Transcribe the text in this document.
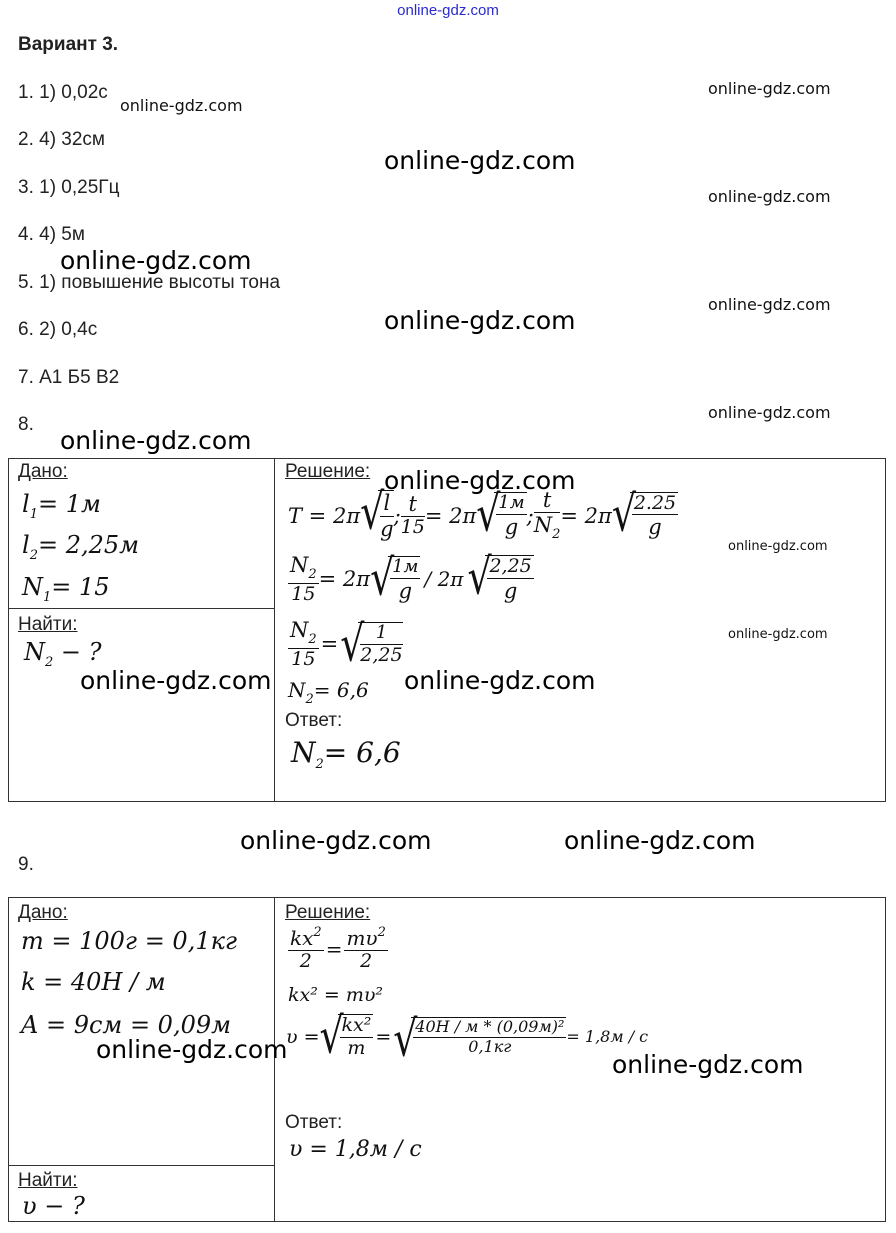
online-gdz.com
Вариант 3.
1. 1) 0,02с
2. 4) 32см
3. 1) 0,25Гц
4. 4) 5м
5. 1) повышение высоты тона
6. 2) 0,4с
7. А1 Б5 В2
8.
Дано:
$l_1= 1м$
$l_2= 2,25м$
$N_1= 15$
Найти:
$N_2$ − ?
Решение:
T = 2π √ $\frac{l}{g}$ ; $\frac{t}{15} = 2\pi$ √ $\frac{1м}{g}$ ; $\frac{t}{N_2} = 2\pi$ √ $\frac{2.25}{g}$
$\frac{N_2}{15} = 2\pi$ √ $\frac{1м}{g} / 2\pi$ √ $\frac{2,25}{g}$
$\frac{N_2}{15}$ = √ $\frac{1}{2,25}$
$N_2= 6,6$
Ответ:
$N_2= 6,6$
9.
Дано:
m = 100г = 0,1кг
k = 40Н / м
A = 9см = 0,09м
Найти:
υ − ?
Решение:
$\frac{kx^2}{2} = \frac{m\upsilon^2}{2}$
kx² = mυ²
υ = √ $\frac{\text{kx²}}{m}$ = √ $\frac{\text{40Н / м * (0,09м)²}}{0,1кг} = 1,8м / с$
Ответ:
υ = 1,8м / с
online-gdz.com
online-gdz.com
online-gdz.com
online-gdz.com
online-gdz.com
online-gdz.com
online-gdz.com
online-gdz.com
online-gdz.com
online-gdz.com
online-gdz.com
online-gdz.com
online-gdz.com	online-gdz.com
online-gdz.com	online-gdz.com
online-gdz.com
online-gdz.com
